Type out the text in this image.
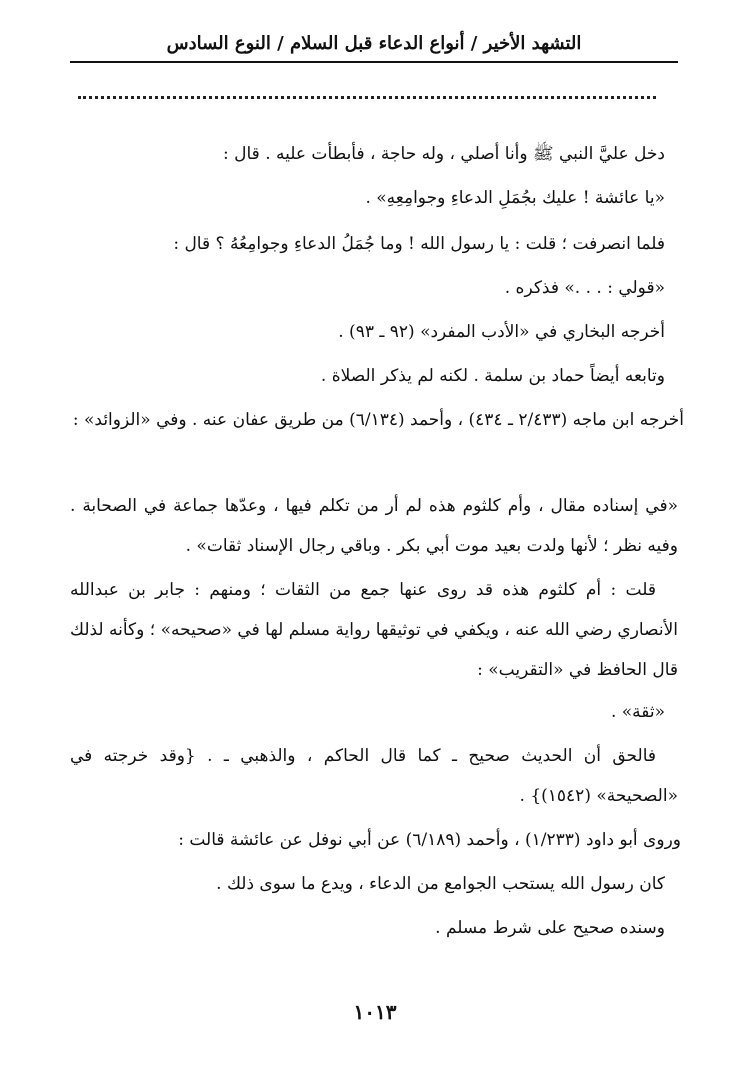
التشهد الأخير / أنواع الدعاء قبل السلام / النوع السادس

دخل عليَّ النبي ﷺ وأنا أصلي ، وله حاجة ، فأبطأت عليه . قال :

«يا عائشة ! عليك بجُمَلِ الدعاءِ وجوامِعِهِ» .

فلما انصرفت ؛ قلت : يا رسول الله ! وما جُمَلُ الدعاءِ وجوامِعُهُ ؟ قال :

«قولي : . . .» فذكره .

أخرجه البخاري في «الأدب المفرد» (٩٢ ـ ٩٣) .

وتابعه أيضاً حماد بن سلمة . لكنه لم يذكر الصلاة .

أخرجه ابن ماجه (٢/٤٣٣ ـ ٤٣٤) ، وأحمد (٦/١٣٤) من طريق عفان عنه . وفي «الزوائد» :

«في إسناده مقال ، وأم كلثوم هذه لم أر من تكلم فيها ، وعدّها جماعة في الصحابة . وفيه نظر ؛ لأنها ولدت بعيد موت أبي بكر . وباقي رجال الإسناد ثقات» .

قلت : أم كلثوم هذه قد روى عنها جمع من الثقات ؛ ومنهم : جابر بن عبدالله الأنصاري رضي الله عنه ، ويكفي في توثيقها رواية مسلم لها في «صحيحه» ؛ وكأنه لذلك قال الحافظ في «التقريب» :

«ثقة» .

فالحق أن الحديث صحيح ـ كما قال الحاكم ، والذهبي ـ . {وقد خرجته في «الصحيحة» (١٥٤٢)} .

وروى أبو داود (١/٢٣٣) ، وأحمد (٦/١٨٩) عن أبي نوفل عن عائشة قالت :

كان رسول الله يستحب الجوامع من الدعاء ، ويدع ما سوى ذلك .

وسنده صحيح على شرط مسلم .

١٠١٣
